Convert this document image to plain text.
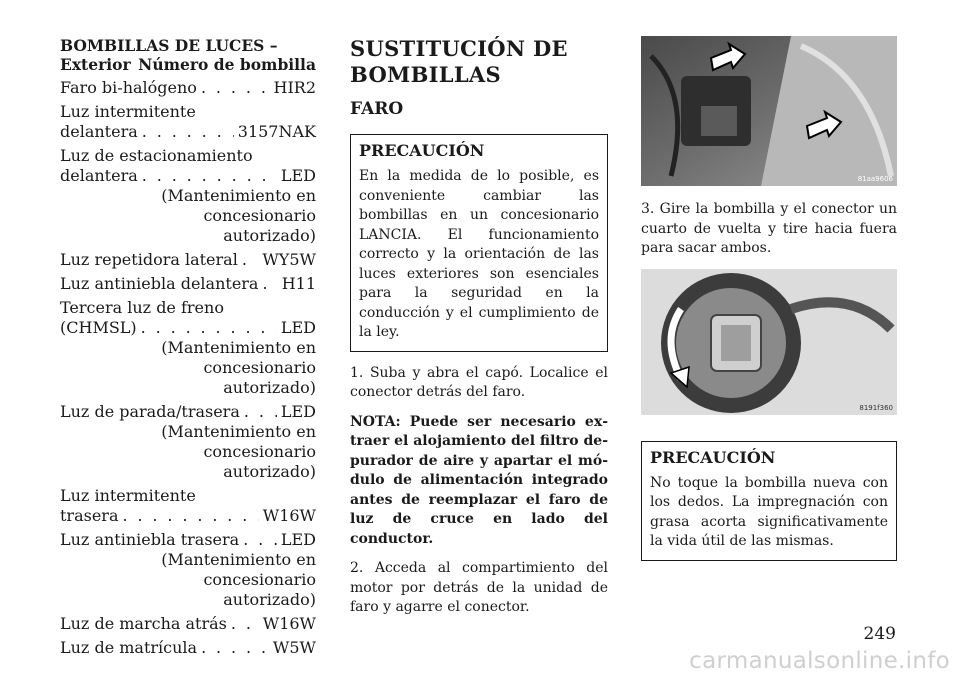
BOMBILLAS DE LUCES –
Exterior Número de bombilla
Faro bi-halógeno . . .	HIR2
Luz intermitente
delantera . . .	3157NAK
Luz de estacionamiento
delantera . . .	LED
(Mantenimiento en concesionario
autorizado)
Luz repetidora lateral . . . WY5W
Luz antiniebla delantera . . . H11
Tercera luz de freno
(CHMSL) . . .	LED
(Mantenimiento en concesionario
autorizado)
Luz de parada/trasera . . .	LED
(Mantenimiento en concesionario
autorizado)
Luz intermitente
trasera . . .	W16W
Luz antiniebla trasera . . .	LED
(Mantenimiento en concesionario
autorizado)
Luz de marcha atrás . . . W16W
Luz de matrícula . . .	W5W
SUSTITUCIÓN DE
BOMBILLAS
FARO
PRECAUCIÓN
En la medida de lo posible, es conveniente cambiar las bombillas en un concesionario LANCIA. El funcionamiento correcto y la orientación de las luces exteriores son esenciales para la seguridad en la conducción y el cumplimiento de la ley.

1. Suba y abra el capó. Localice el conector detrás del faro.

NOTA: Puede ser necesario extraer el alojamiento del filtro depurador de aire y apartar el módulo de alimentación integrado antes de reemplazar el faro de luz de cruce en lado del conductor.

2. Acceda al compartimiento del motor por detrás de la unidad de faro y agarre el conector.

81aa9606

3. Gire la bombilla y el conector un cuarto de vuelta y tire hacia fuera para sacar ambos.

8191f360
PRECAUCIÓN
No toque la bombilla nueva con los dedos. La impregnación con grasa acorta significativamente la vida útil de las mismas.
249
carmanualsonline.info
